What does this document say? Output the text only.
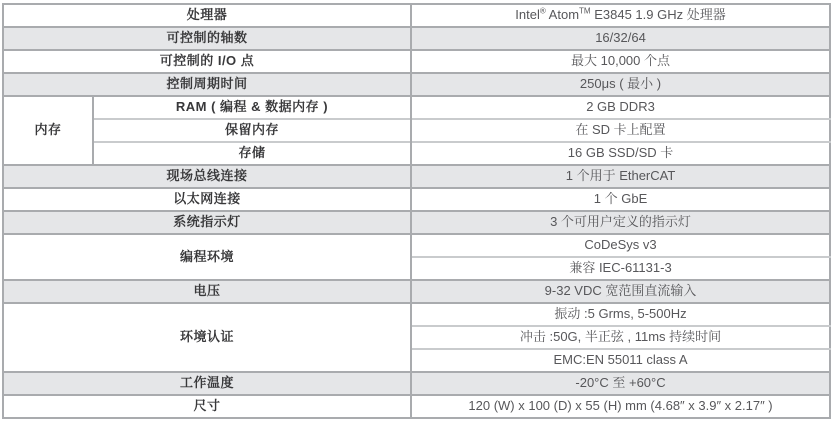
处理器		Intel® Atom™ E3845 1.9 GHz 处理器
可控制的轴数		16/32/64
可控制的 I/O 点		最大 10,000 个点
控制周期时间		250μs ( 最小 )
内存	RAM ( 编程 & 数据内存 )	2 GB DDR3
	保留内存	在 SD 卡上配置
	存储	16 GB SSD/SD 卡
现场总线连接		1 个用于 EtherCAT
以太网连接		1 个 GbE
系统指示灯		3 个可用户定义的指示灯
编程环境		CoDeSys v3
		兼容 IEC-61131-3
电压		9-32 VDC 宽范围直流输入
环境认证		振动 :5 Grms, 5-500Hz
		冲击 :50G, 半正弦 , 11ms 持续时间
		EMC:EN 55011 class A
工作温度		-20°C 至 +60°C
尺寸		120 (W) x 100 (D) x 55 (H) mm (4.68″ x 3.9″ x 2.17″ )
